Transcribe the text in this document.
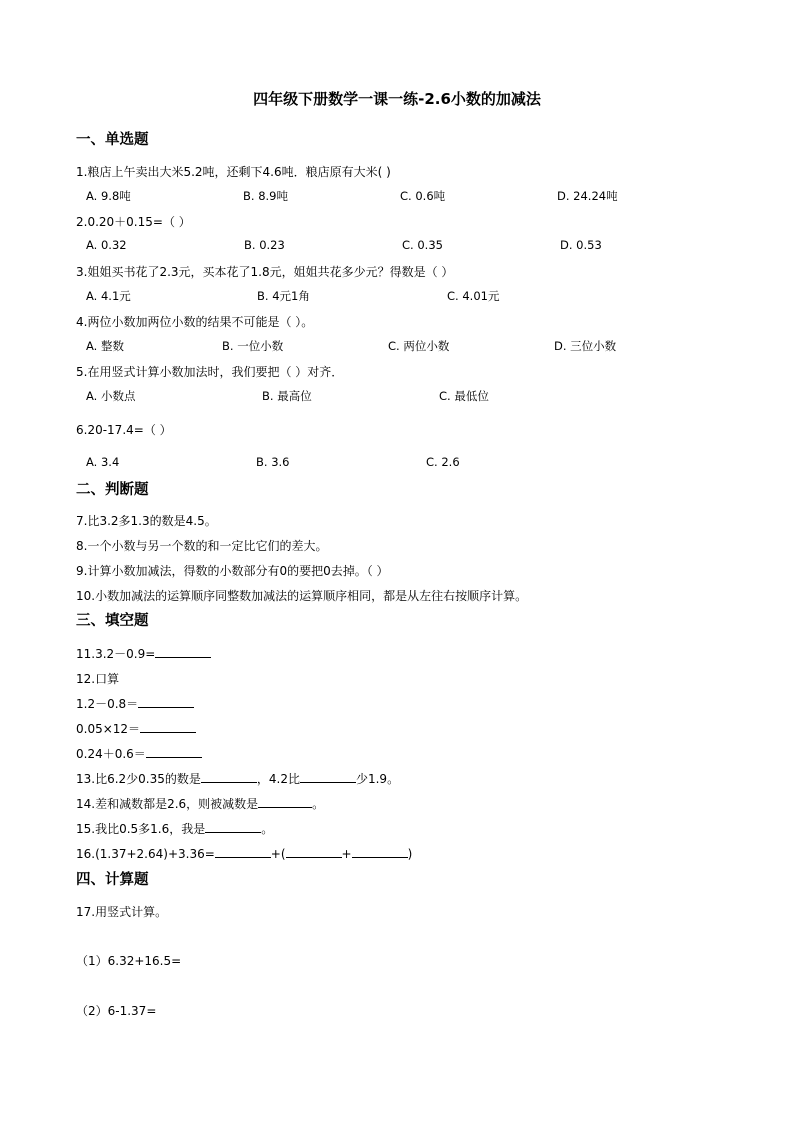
四年级下册数学一课一练-2.6小数的加减法
一、单选题
1.粮店上午卖出大米5.2吨，还剩下4.6吨．粮店原有大米( )
A. 9.8吨	B. 8.9吨	C. 0.6吨	D. 24.24吨
2.0.20＋0.15=（ ）
A. 0.32	B. 0.23	C. 0.35	D. 0.53
3.姐姐买书花了2.3元，买本花了1.8元，姐姐共花多少元？得数是（ ）
A. 4.1元	B. 4元1角	C. 4.01元
4.两位小数加两位小数的结果不可能是（ ）。
A. 整数	B. 一位小数	C. 两位小数	D. 三位小数
5.在用竖式计算小数加法时，我们要把（ ）对齐．
A. 小数点	B. 最高位	C. 最低位
6.20-17.4=（ ）
A. 3.4	B. 3.6	C. 2.6
二、判断题
7.比3.2多1.3的数是4.5。
8.一个小数与另一个数的和一定比它们的差大。
9.计算小数加减法，得数的小数部分有0的要把0去掉。（ ）
10.小数加减法的运算顺序同整数加减法的运算顺序相同，都是从左往右按顺序计算。
三、填空题
11.3.2－0.9=
12.口算
1.2－0.8＝
0.05×12＝
0.24＋0.6＝
13.比6.2少0.35的数是	，4.2比	少1.9。
14.差和减数都是2.6，则被减数是	。
15.我比0.5多1.6，我是	。
16.(1.37+2.64)+3.36=	+(	+	)
四、计算题
17.用竖式计算。
（1）6.32+16.5=
（2）6-1.37=
